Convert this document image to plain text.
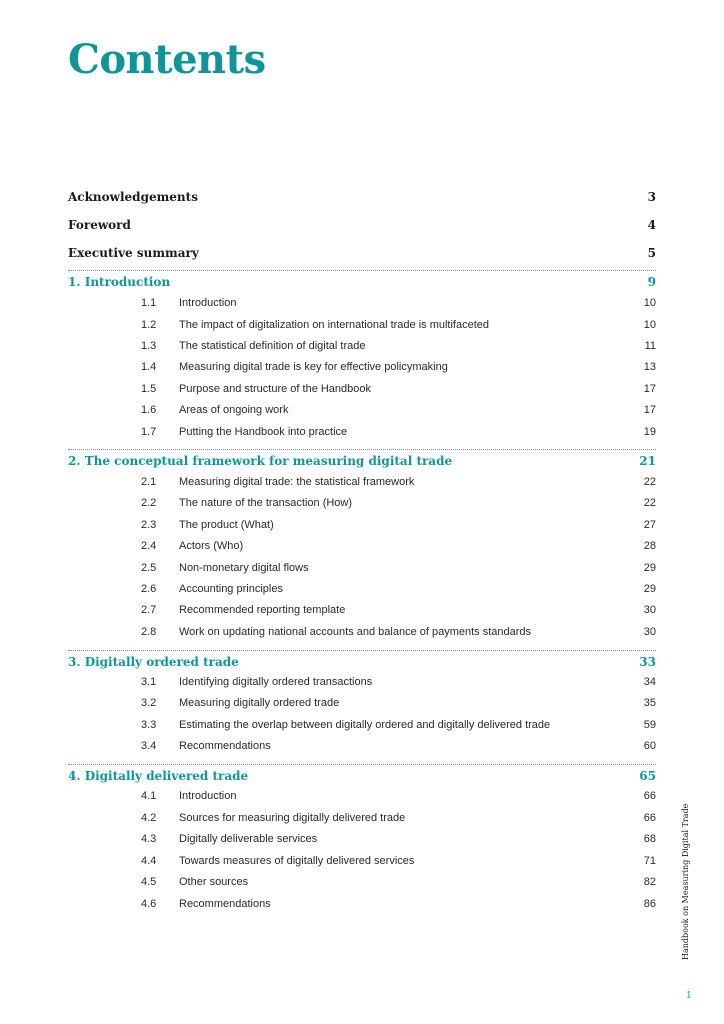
Contents
Acknowledgements	3
Foreword	4
Executive summary	5
1. Introduction	9
1.1 Introduction	10
1.2 The impact of digitalization on international trade is multifaceted	10
1.3 The statistical definition of digital trade	11
1.4 Measuring digital trade is key for effective policymaking	13
1.5 Purpose and structure of the Handbook	17
1.6 Areas of ongoing work	17
1.7 Putting the Handbook into practice	19
2. The conceptual framework for measuring digital trade	21
2.1 Measuring digital trade: the statistical framework	22
2.2 The nature of the transaction (How)	22
2.3 The product (What)	27
2.4 Actors (Who)	28
2.5 Non-monetary digital flows	29
2.6 Accounting principles	29
2.7 Recommended reporting template	30
2.8 Work on updating national accounts and balance of payments standards	30
3. Digitally ordered trade	33
3.1 Identifying digitally ordered transactions	34
3.2 Measuring digitally ordered trade	35
3.3 Estimating the overlap between digitally ordered and digitally delivered trade	59
3.4 Recommendations	60
4. Digitally delivered trade	65
4.1 Introduction	66
4.2 Sources for measuring digitally delivered trade	66
4.3 Digitally deliverable services	68
4.4 Towards measures of digitally delivered services	71
4.5 Other sources	82
4.6 Recommendations	86	Handbook on Measuring Digital Trade
1
